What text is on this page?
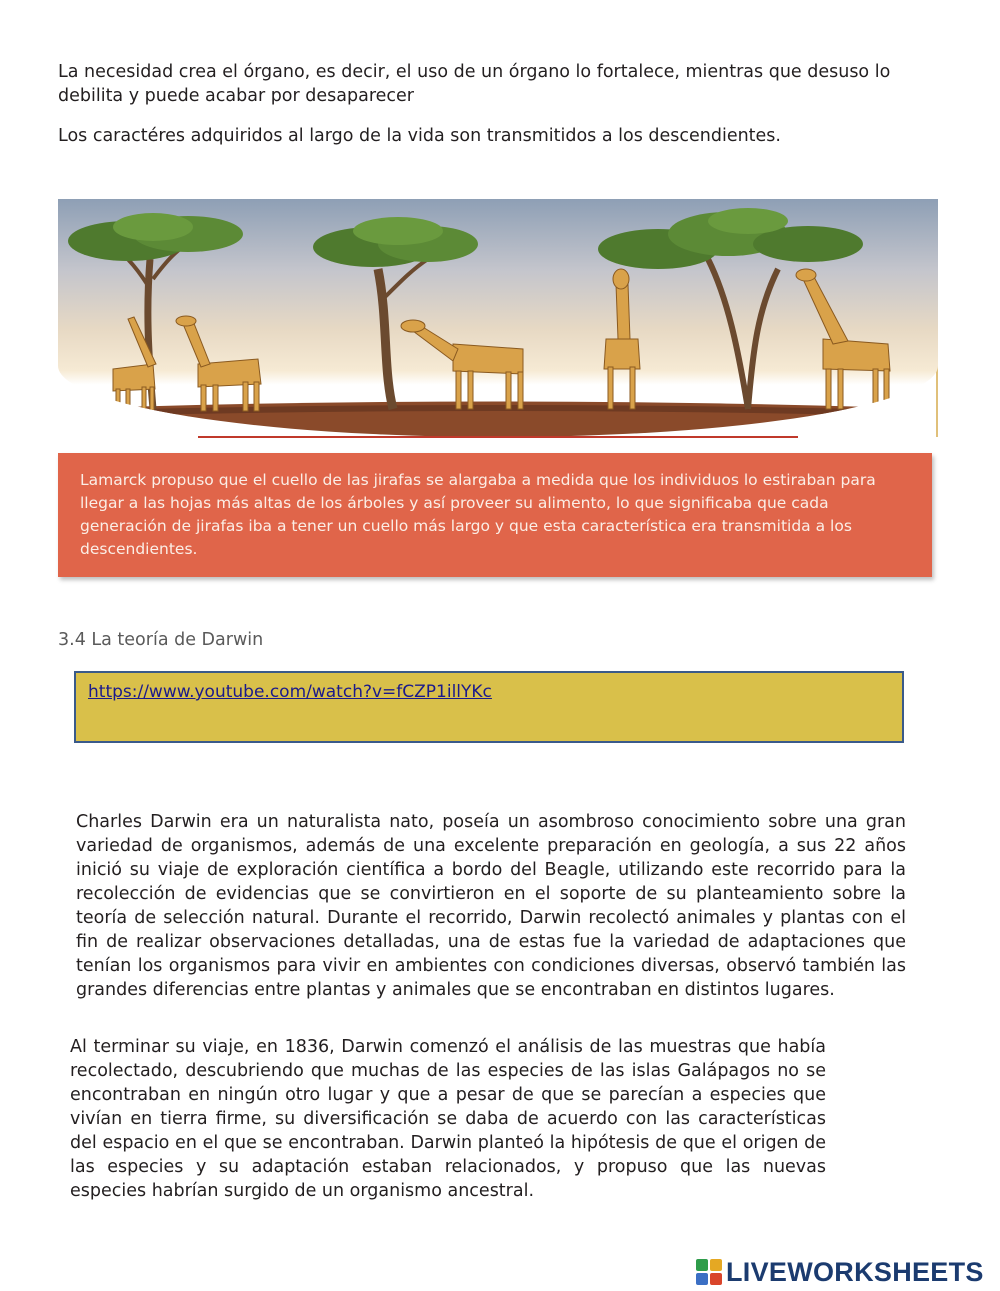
La necesidad crea el órgano, es decir, el uso de un órgano lo fortalece, mientras que desuso lo debilita y puede acabar por desaparecer

Los caractéres adquiridos al largo de la vida son transmitidos a los descendientes.

Lamarck propuso que el cuello de las jirafas se alargaba a medida que los individuos lo estiraban para llegar a las hojas más altas de los árboles y así proveer su alimento, lo que significaba que cada generación de jirafas iba a tener un cuello más largo y que esta característica era transmitida a los descendientes.

3.4 La teoría de Darwin

https://www.youtube.com/watch?v=fCZP1illYKc

Charles Darwin era un naturalista nato, poseía un asombroso conocimiento sobre una gran variedad de organismos, además de una excelente preparación en geología, a sus 22 años inició su viaje de exploración científica a bordo del Beagle, utilizando este recorrido para la recolección de evidencias que se convirtieron en el soporte de su planteamiento sobre la teoría de selección natural. Durante el recorrido, Darwin recolectó animales y plantas con el fin de realizar observaciones detalladas, una de estas fue la variedad de adaptaciones que tenían los organismos para vivir en ambientes con condiciones diversas, observó también las grandes diferencias entre plantas y animales que se encontraban en distintos lugares.

Al terminar su viaje, en 1836, Darwin comenzó el análisis de las muestras que había recolectado, descubriendo que muchas de las especies de las islas Galápagos no se encontraban en ningún otro lugar y que a pesar de que se parecían a especies que vivían en tierra firme, su diversificación se daba de acuerdo con las características del espacio en el que se encontraban. Darwin planteó la hipótesis de que el origen de las especies y su adaptación estaban relacionados, y propuso que las nuevas especies habrían surgido de un organismo ancestral.

LIVEWORKSHEETS
